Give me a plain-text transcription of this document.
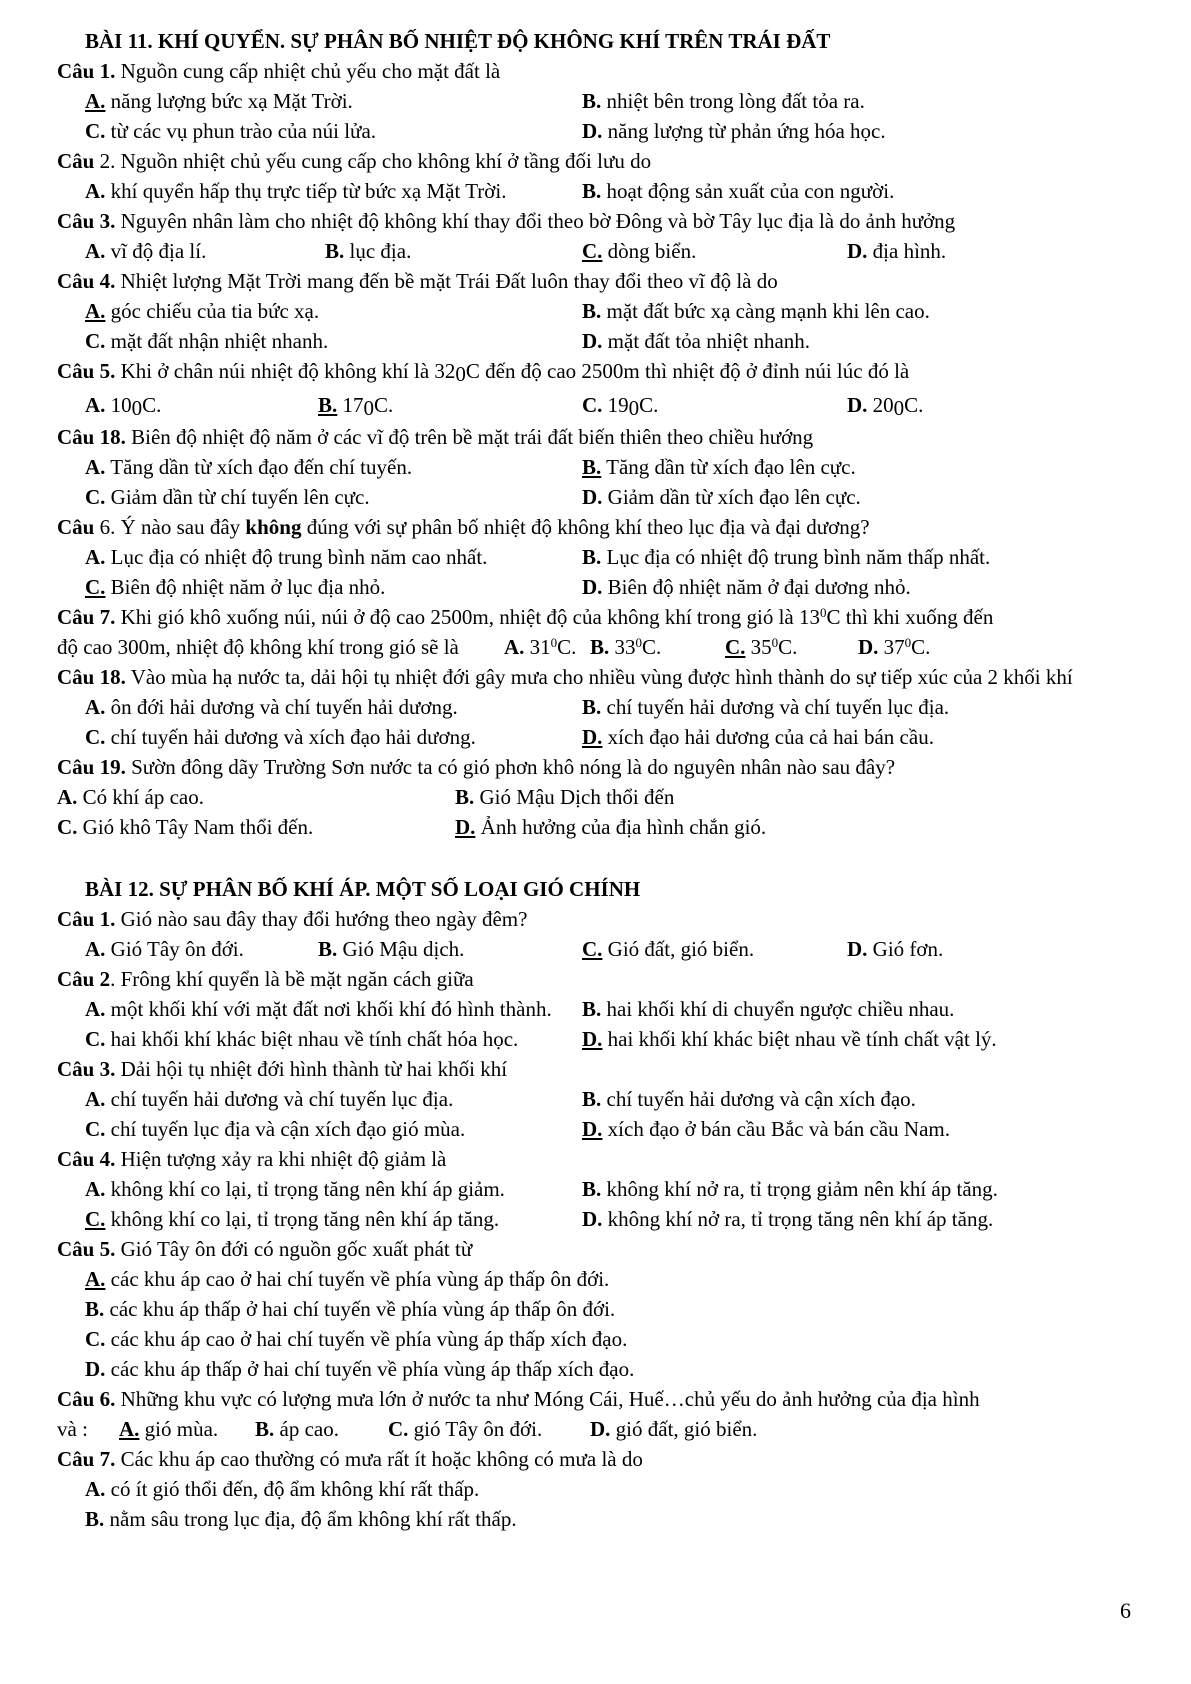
BÀI 11. KHÍ QUYỂN. SỰ PHÂN BỐ NHIỆT ĐỘ KHÔNG KHÍ TRÊN TRÁI ĐẤT
Câu 1. Nguồn cung cấp nhiệt chủ yếu cho mặt đất là
A. năng lượng bức xạ Mặt Trời.	B. nhiệt bên trong lòng đất tỏa ra.
C. từ các vụ phun trào của núi lửa.	D. năng lượng từ phản ứng hóa học.
Câu 2. Nguồn nhiệt chủ yếu cung cấp cho không khí ở tầng đối lưu do
A. khí quyển hấp thụ trực tiếp từ bức xạ Mặt Trời.	B. hoạt động sản xuất của con người.
Câu 3. Nguyên nhân làm cho nhiệt độ không khí thay đổi theo bờ Đông và bờ Tây lục địa là do ảnh hưởng
A. vĩ độ địa lí.	B. lục địa.	C. dòng biển.	D. địa hình.
Câu 4. Nhiệt lượng Mặt Trời mang đến bề mặt Trái Đất luôn thay đổi theo vĩ độ là do
A. góc chiếu của tia bức xạ.	B. mặt đất bức xạ càng mạnh khi lên cao.
C. mặt đất nhận nhiệt nhanh.	D. mặt đất tỏa nhiệt nhanh.
Câu 5. Khi ở chân núi nhiệt độ không khí là $32_0C$ đến độ cao 2500m thì nhiệt độ ở đỉnh núi lúc đó là
A. $10_0C$.	B. $17_0C$.	C. $19_0C$.	D. $20_0C$.
Câu 18. Biên độ nhiệt độ năm ở các vĩ độ trên bề mặt trái đất biến thiên theo chiều hướng
A. Tăng dần từ xích đạo đến chí tuyến.	B. Tăng dần từ xích đạo lên cực.
C. Giảm dần từ chí tuyến lên cực.	D. Giảm dần từ xích đạo lên cực.
Câu 6. Ý nào sau đây không đúng với sự phân bố nhiệt độ không khí theo lục địa và đại dương?
A. Lục địa có nhiệt độ trung bình năm cao nhất.	B. Lục địa có nhiệt độ trung bình năm thấp nhất.
C. Biên độ nhiệt năm ở lục địa nhỏ.	D. Biên độ nhiệt năm ở đại dương nhỏ.
Câu 7. Khi gió khô xuống núi, núi ở độ cao 2500m, nhiệt độ của không khí trong gió là $13^0C$ thì khi xuống đến
độ cao 300m, nhiệt độ không khí trong gió sẽ là A. $31^0C$. B. $33^0C$.	C. $35^0C$.	D. $37^0C$.
Câu 18. Vào mùa hạ nước ta, dải hội tụ nhiệt đới gây mưa cho nhiều vùng được hình thành do sự tiếp xúc của 2 khối khí
A. ôn đới hải dương và chí tuyến hải dương.	B. chí tuyến hải dương và chí tuyến lục địa.
C. chí tuyến hải dương và xích đạo hải dương.	D. xích đạo hải dương của cả hai bán cầu.
Câu 19. Sườn đông dãy Trường Sơn nước ta có gió phơn khô nóng là do nguyên nhân nào sau đây?
A. Có khí áp cao.	B. Gió Mậu Dịch thổi đến
C. Gió khô Tây Nam thổi đến.	D. Ảnh hưởng của địa hình chắn gió.
BÀI 12. SỰ PHÂN BỐ KHÍ ÁP. MỘT SỐ LOẠI GIÓ CHÍNH
Câu 1. Gió nào sau đây thay đổi hướng theo ngày đêm?
A. Gió Tây ôn đới.	B. Gió Mậu dịch.	C. Gió đất, gió biển.	D. Gió fơn.
Câu 2. Frông khí quyển là bề mặt ngăn cách giữa
A. một khối khí với mặt đất nơi khối khí đó hình thành. B. hai khối khí di chuyển ngược chiều nhau.
C. hai khối khí khác biệt nhau về tính chất hóa học.	D. hai khối khí khác biệt nhau về tính chất vật lý.
Câu 3. Dải hội tụ nhiệt đới hình thành từ hai khối khí
A. chí tuyến hải dương và chí tuyến lục địa.	B. chí tuyến hải dương và cận xích đạo.
C. chí tuyến lục địa và cận xích đạo gió mùa.	D. xích đạo ở bán cầu Bắc và bán cầu Nam.
Câu 4. Hiện tượng xảy ra khi nhiệt độ giảm là
A. không khí co lại, tỉ trọng tăng nên khí áp giảm.	B. không khí nở ra, tỉ trọng giảm nên khí áp tăng.
C. không khí co lại, tỉ trọng tăng nên khí áp tăng.	D. không khí nở ra, tỉ trọng tăng nên khí áp tăng.
Câu 5. Gió Tây ôn đới có nguồn gốc xuất phát từ
A. các khu áp cao ở hai chí tuyến về phía vùng áp thấp ôn đới.
B. các khu áp thấp ở hai chí tuyến về phía vùng áp thấp ôn đới.
C. các khu áp cao ở hai chí tuyến về phía vùng áp thấp xích đạo.
D. các khu áp thấp ở hai chí tuyến về phía vùng áp thấp xích đạo.
Câu 6. Những khu vực có lượng mưa lớn ở nước ta như Móng Cái, Huế…chủ yếu do ảnh hưởng của địa hình
và : A. gió mùa. B. áp cao. C. gió Tây ôn đới. D. gió đất, gió biển.
Câu 7. Các khu áp cao thường có mưa rất ít hoặc không có mưa là do
A. có ít gió thổi đến, độ ẩm không khí rất thấp.
B. nằm sâu trong lục địa, độ ẩm không khí rất thấp.
6
